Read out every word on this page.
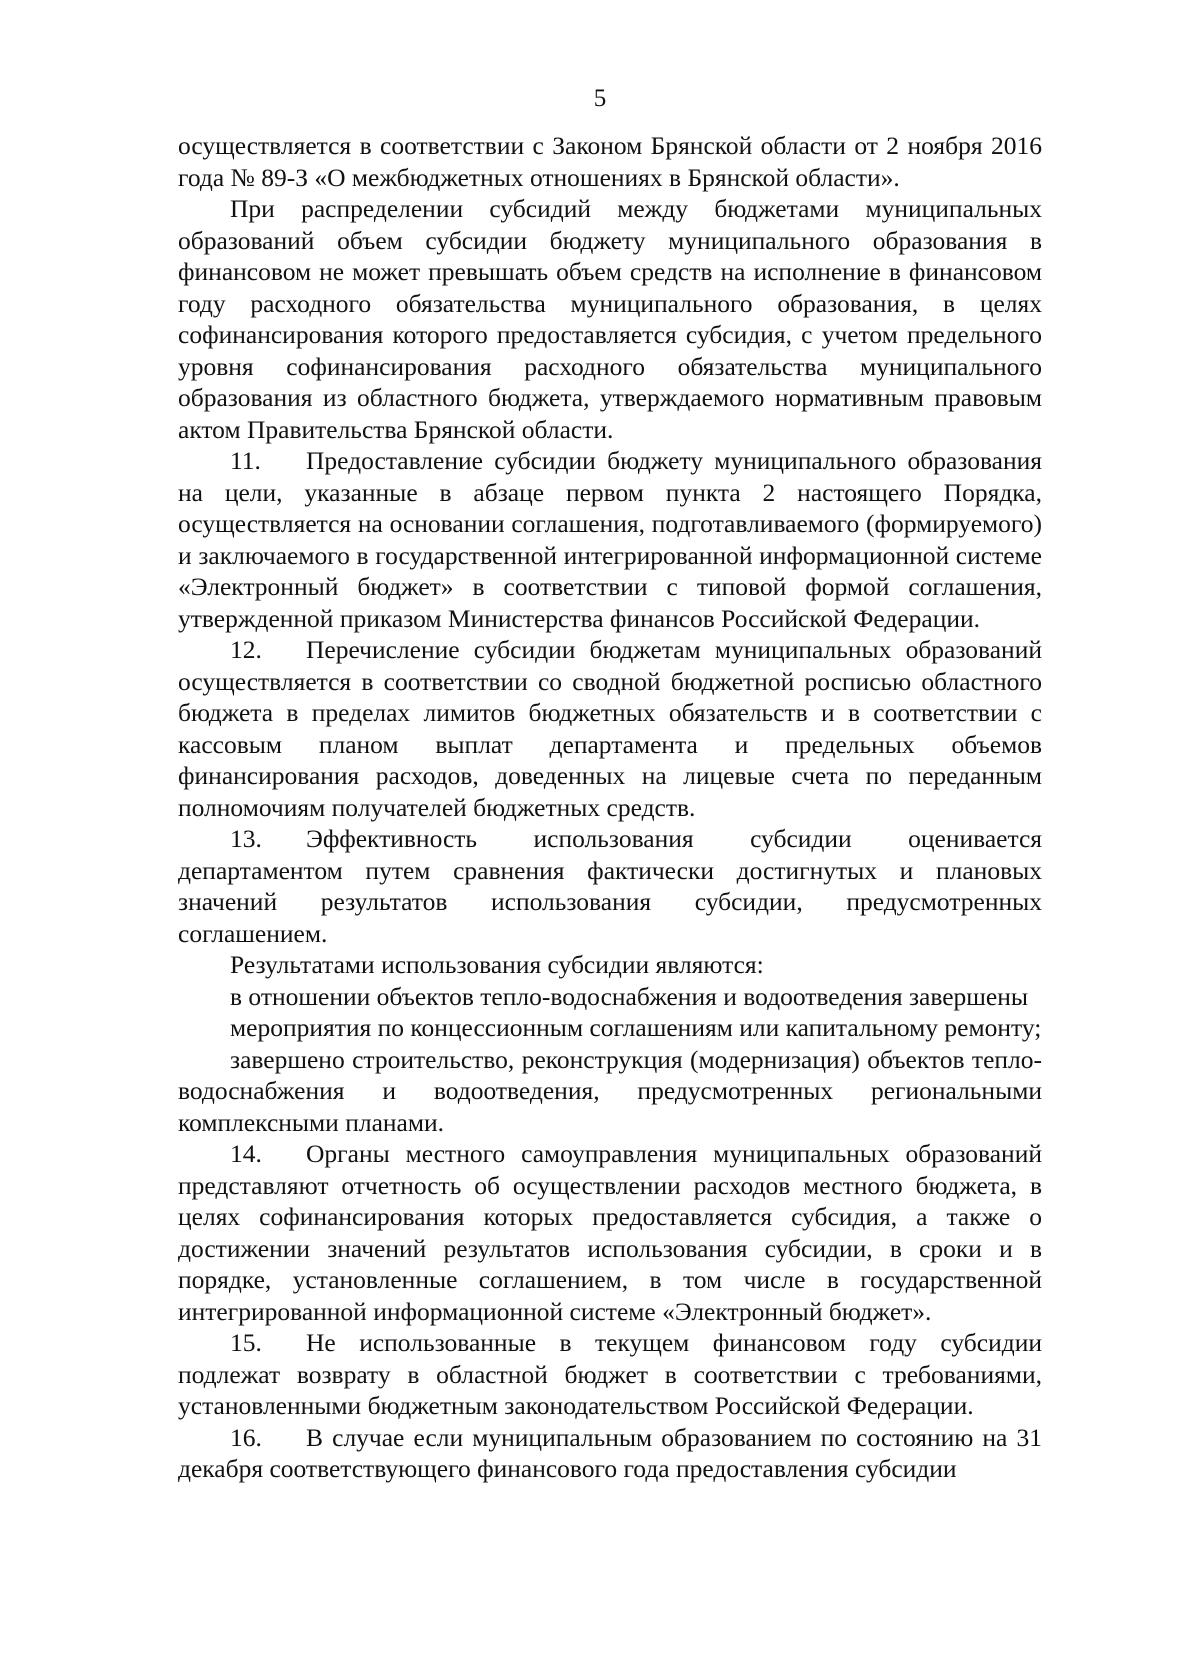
5

осуществляется в соответствии с Законом Брянской области от 2 ноября 2016 года № 89-З «О межбюджетных отношениях в Брянской области».

При распределении субсидий между бюджетами муниципальных образований объем субсидии бюджету муниципального образования в финансовом не может превышать объем средств на исполнение в финансовом году расходного обязательства муниципального образования, в целях софинансирования которого предоставляется субсидия, с учетом предельного уровня софинансирования расходного обязательства муниципального образования из областного бюджета, утверждаемого нормативным правовым актом Правительства Брянской области.

11. Предоставление субсидии бюджету муниципального образования на цели, указанные в абзаце первом пункта 2 настоящего Порядка, осуществляется на основании соглашения, подготавливаемого (формируемого) и заключаемого в государственной интегрированной информационной системе «Электронный бюджет» в соответствии с типовой формой соглашения, утвержденной приказом Министерства финансов Российской Федерации.

12. Перечисление субсидии бюджетам муниципальных образований осуществляется в соответствии со сводной бюджетной росписью областного бюджета в пределах лимитов бюджетных обязательств и в соответствии с кассовым планом выплат департамента и предельных объемов финансирования расходов, доведенных на лицевые счета по переданным полномочиям получателей бюджетных средств.

13. Эффективность использования субсидии оценивается департаментом путем сравнения фактически достигнутых и плановых значений результатов использования субсидии, предусмотренных соглашением.

Результатами использования субсидии являются:

в отношении объектов тепло-водоснабжения и водоотведения завершены

мероприятия по концессионным соглашениям или капитальному ремонту;

завершено строительство, реконструкция (модернизация) объектов тепло-водоснабжения и водоотведения, предусмотренных региональными комплексными планами.

14. Органы местного самоуправления муниципальных образований представляют отчетность об осуществлении расходов местного бюджета, в целях софинансирования которых предоставляется субсидия, а также о достижении значений результатов использования субсидии, в сроки и в порядке, установленные соглашением, в том числе в государственной интегрированной информационной системе «Электронный бюджет».

15. Не использованные в текущем финансовом году субсидии подлежат возврату в областной бюджет в соответствии с требованиями, установленными бюджетным законодательством Российской Федерации.

16. В случае если муниципальным образованием по состоянию на 31 декабря соответствующего финансового года предоставления субсидии
